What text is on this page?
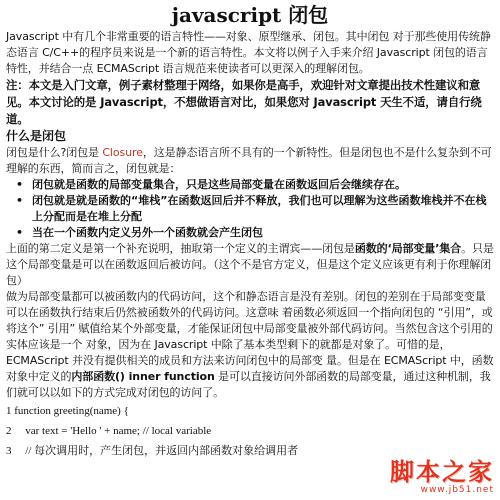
javascript 闭包

Javascript 中有几个非常重要的语言特性——对象、原型继承、闭包。其中闭包 对于那些使用传统静态语言 C/C++的程序员来说是一个新的语言特性。本文将以例子入手来介绍 Javascript 闭包的语言特性，并结合一点 ECMAScript 语言规范来使读者可以更深入的理解闭包。

注：本文是入门文章，例子素材整理于网络，如果你是高手，欢迎针对文章提出技术性建议和意见。本文讨论的是 Javascript，不想做语言对比，如果您对 Javascript 天生不适，请自行绕道。

什么是闭包

闭包是什么?闭包是 Closure，这是静态语言所不具有的一个新特性。但是闭包也不是什么复杂到不可理解的东西，简而言之，闭包就是：

• 闭包就是函数的局部变量集合，只是这些局部变量在函数返回后会继续存在。
• 闭包就是就是函数的“堆栈”在函数返回后并不释放，我们也可以理解为这些函数堆栈并不在栈上分配而是在堆上分配
• 当在一个函数内定义另外一个函数就会产生闭包

上面的第二定义是第一个补充说明，抽取第一个定义的主谓宾——闭包是函数的‘局部变量’集合。只是这个局部变量是可以在函数返回后被访问。（这个不是官方定义，但是这个定义应该更有利于你理解闭包）

做为局部变量都可以被函数内的代码访问，这个和静态语言是没有差别。闭包的差别在于局部变变量可以在函数执行结束后仍然被函数外的代码访问。这意味 着函数必须返回一个指向闭包的 “引用”，或将这个” 引用” 赋值给某个外部变量，才能保证闭包中局部变量被外部代码访问。当然包含这个引用的实体应该是一个 对象，因为在 Javascript 中除了基本类型剩下的就都是对象了。可惜的是，ECMAScript 并没有提供相关的成员和方法来访问闭包中的局部变 量。但是在 ECMAScript 中，函数对象中定义的内部函数() inner function 是可以直接访问外部函数的局部变量，通过这种机制，我们就可以以如下的方式完成对闭包的访问了。

1 function greeting(name) {
2     var text = 'Hello ' + name; // local variable
3     // 每次调用时，产生闭包，并返回内部函数对象给调用者
脚本之家
www.jb51.net
